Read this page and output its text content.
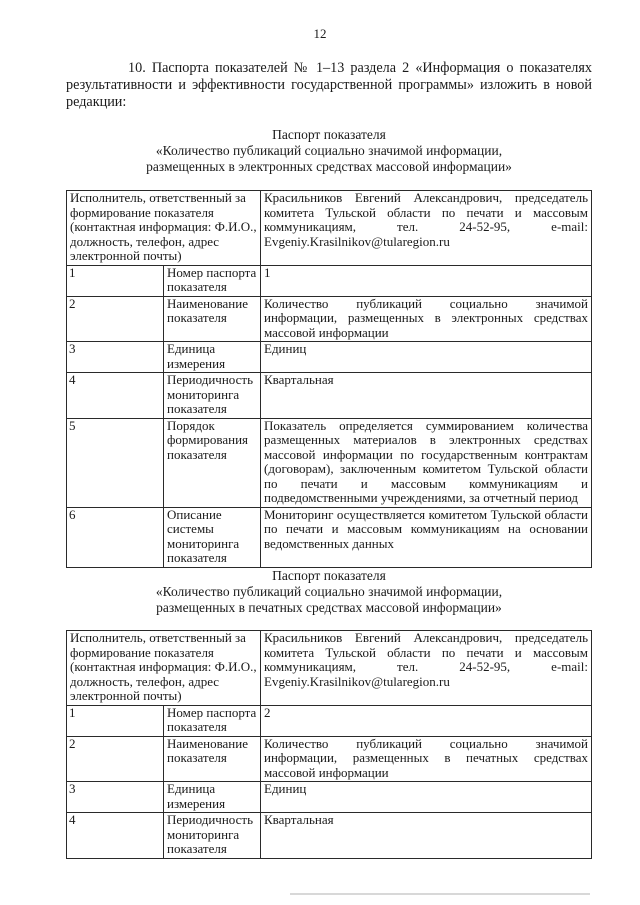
12

10. Паспорта показателей № 1–13 раздела 2 «Информация о показателях результативности и эффективности государственной программы» изложить в новой редакции:

Паспорт показателя
«Количество публикаций социально значимой информации,
размещенных в электронных средствах массовой информации»
Исполнитель, ответственный за формирование показателя (контактная информация: Ф.И.О., должность, телефон, адрес электронной почты)		Красильников Евгений Александрович, председатель комитета Тульской области по печати и массовым коммуникациям, тел. 24-52-95, e-mail: Evgeniy.Krasilnikov@tularegion.ru
1	Номер паспорта показателя	1
2	Наименование показателя	Количество публикаций социально значимой информации, размещенных в электронных средствах массовой информации
3	Единица измерения	Единиц
4	Периодичность мониторинга показателя	Квартальная
5	Порядок формирования показателя	Показатель определяется суммированием количества размещенных материалов в электронных средствах массовой информации по государственным контрактам (договорам), заключенным комитетом Тульской области по печати и массовым коммуникациям и подведомственными учреждениями, за отчетный период
6	Описание системы мониторинга показателя	Мониторинг осуществляется комитетом Тульской области по печати и массовым коммуникациям на основании ведомственных данных
Паспорт показателя
«Количество публикаций социально значимой информации,
размещенных в печатных средствах массовой информации»
Исполнитель, ответственный за формирование показателя (контактная информация: Ф.И.О., должность, телефон, адрес электронной почты)		Красильников Евгений Александрович, председатель комитета Тульской области по печати и массовым коммуникациям, тел. 24-52-95, e-mail: Evgeniy.Krasilnikov@tularegion.ru
1	Номер паспорта показателя	2
2	Наименование показателя	Количество публикаций социально значимой информации, размещенных в печатных средствах массовой информации
3	Единица измерения	Единиц
4	Периодичность мониторинга показателя	Квартальная
